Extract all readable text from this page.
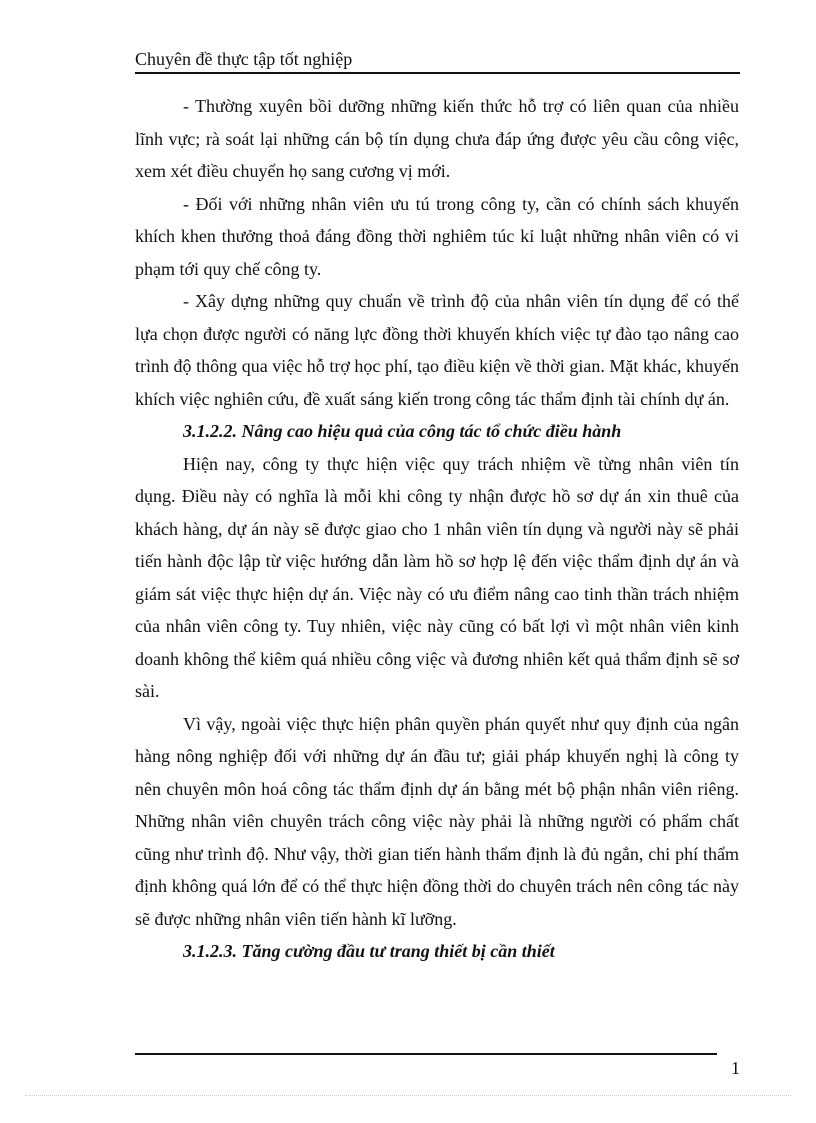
Chuyên đề thực tập tốt nghiệp

- Thường xuyên bồi dưỡng những kiến thức hỗ trợ có liên quan của nhiều lĩnh vực; rà soát lại những cán bộ tín dụng chưa đáp ứng được yêu cầu công việc, xem xét điều chuyển họ sang cương vị mới.

- Đối với những nhân viên ưu tú trong công ty, cần có chính sách khuyến khích khen thưởng thoả đáng đồng thời nghiêm túc kỉ luật những nhân viên có vi phạm tới quy chế công ty.

- Xây dựng những quy chuẩn về trình độ của nhân viên tín dụng để có thể lựa chọn được người có năng lực đồng thời khuyến khích việc tự đào tạo nâng cao trình độ thông qua việc hỗ trợ học phí, tạo điều kiện về thời gian. Mặt khác, khuyến khích việc nghiên cứu, đề xuất sáng kiến trong công tác thẩm định tài chính dự án.

3.1.2.2. Nâng cao hiệu quả của công tác tổ chức điều hành

Hiện nay, công ty thực hiện việc quy trách nhiệm về từng nhân viên tín dụng. Điều này có nghĩa là mỗi khi công ty nhận được hồ sơ dự án xin thuê của khách hàng, dự án này sẽ được giao cho 1 nhân viên tín dụng và người này sẽ phải tiến hành độc lập từ việc hướng dẫn làm hồ sơ hợp lệ đến việc thẩm định dự án và giám sát việc thực hiện dự án. Việc này có ưu điểm nâng cao tinh thần trách nhiệm của nhân viên công ty. Tuy nhiên, việc này cũng có bất lợi vì một nhân viên kinh doanh không thể kiêm quá nhiều công việc và đương nhiên kết quả thẩm định sẽ sơ sài.

Vì vậy, ngoài việc thực hiện phân quyền phán quyết như quy định của ngân hàng nông nghiệp đối với những dự án đầu tư; giải pháp khuyến nghị là công ty nên chuyên môn hoá công tác thẩm định dự án bằng mét bộ phận nhân viên riêng. Những nhân viên chuyên trách công việc này phải là những người có phẩm chất cũng như trình độ. Như vậy, thời gian tiến hành thẩm định là đủ ngắn, chi phí thẩm định không quá lớn để có thể thực hiện đồng thời do chuyên trách nên công tác này sẽ được những nhân viên tiến hành kĩ lưỡng.

3.1.2.3. Tăng cường đầu tư trang thiết bị cần thiết
1
